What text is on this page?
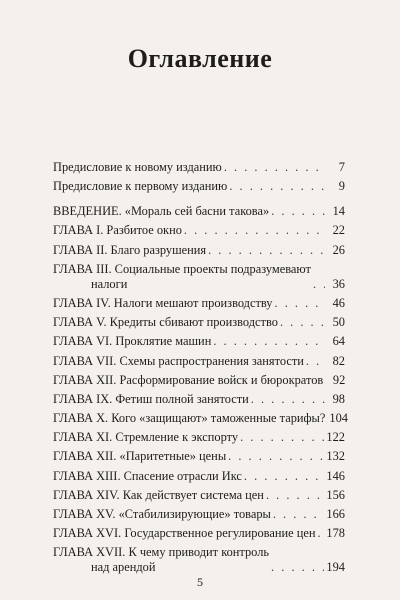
Оглавление
Предисловие к новому изданию . . .	7
Предисловие к первому изданию . . .	9
ВВЕДЕНИЕ. «Мораль сей басни такова» . . .	14
ГЛАВА I. Разбитое окно . . .	22
ГЛАВА II. Благо разрушения . . .	26
ГЛАВА III. Социальные проекты подразумевают
налоги . . .	36
ГЛАВА IV. Налоги мешают производству . . .	46
ГЛАВА V. Кредиты сбивают производство . . .	50
ГЛАВА VI. Проклятие машин . . .	64
ГЛАВА VII. Схемы распространения занятости . . .	82
ГЛАВА XII. Расформирование войск и бюрократов 92
ГЛАВА IX. Фетиш полной занятости . . .	98
ГЛАВА X. Кого «защищают» таможенные тарифы? 104
ГЛАВА XI. Стремление к экспорту . . .	122
ГЛАВА XII. «Паритетные» цены . . .	132
ГЛАВА XIII. Спасение отрасли Икс . . .	146
ГЛАВА XIV. Как действует система цен . . .	156
ГЛАВА XV. «Стабилизирующие» товары . . .	166
ГЛАВА XVI. Государственное регулирование цен . . . 178
ГЛАВА XVII. К чему приводит контроль
над арендой . . .	194
5
